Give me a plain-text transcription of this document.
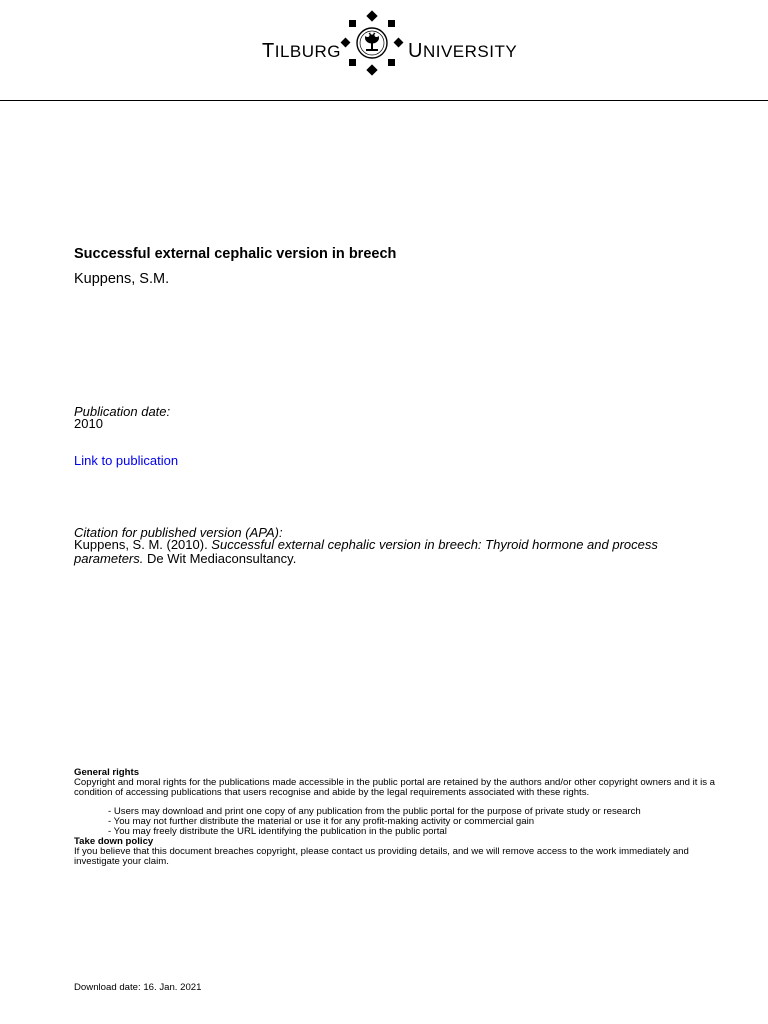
TILBURG	UNIVERSITY
Successful external cephalic version in breech
Kuppens, S.M.
Publication date:
2010
Link to publication
Citation for published version (APA):
Kuppens, S. M. (2010). Successful external cephalic version in breech: Thyroid hormone and process parameters. De Wit Mediaconsultancy.
General rights

Copyright and moral rights for the publications made accessible in the public portal are retained by the authors and/or other copyright owners and it is a condition of accessing publications that users recognise and abide by the legal requirements associated with these rights.

- Users may download and print one copy of any publication from the public portal for the purpose of private study or research
- You may not further distribute the material or use it for any profit-making activity or commercial gain
- You may freely distribute the URL identifying the publication in the public portal
Take down policy

If you believe that this document breaches copyright, please contact us providing details, and we will remove access to the work immediately and investigate your claim.

Download date: 16. Jan. 2021
